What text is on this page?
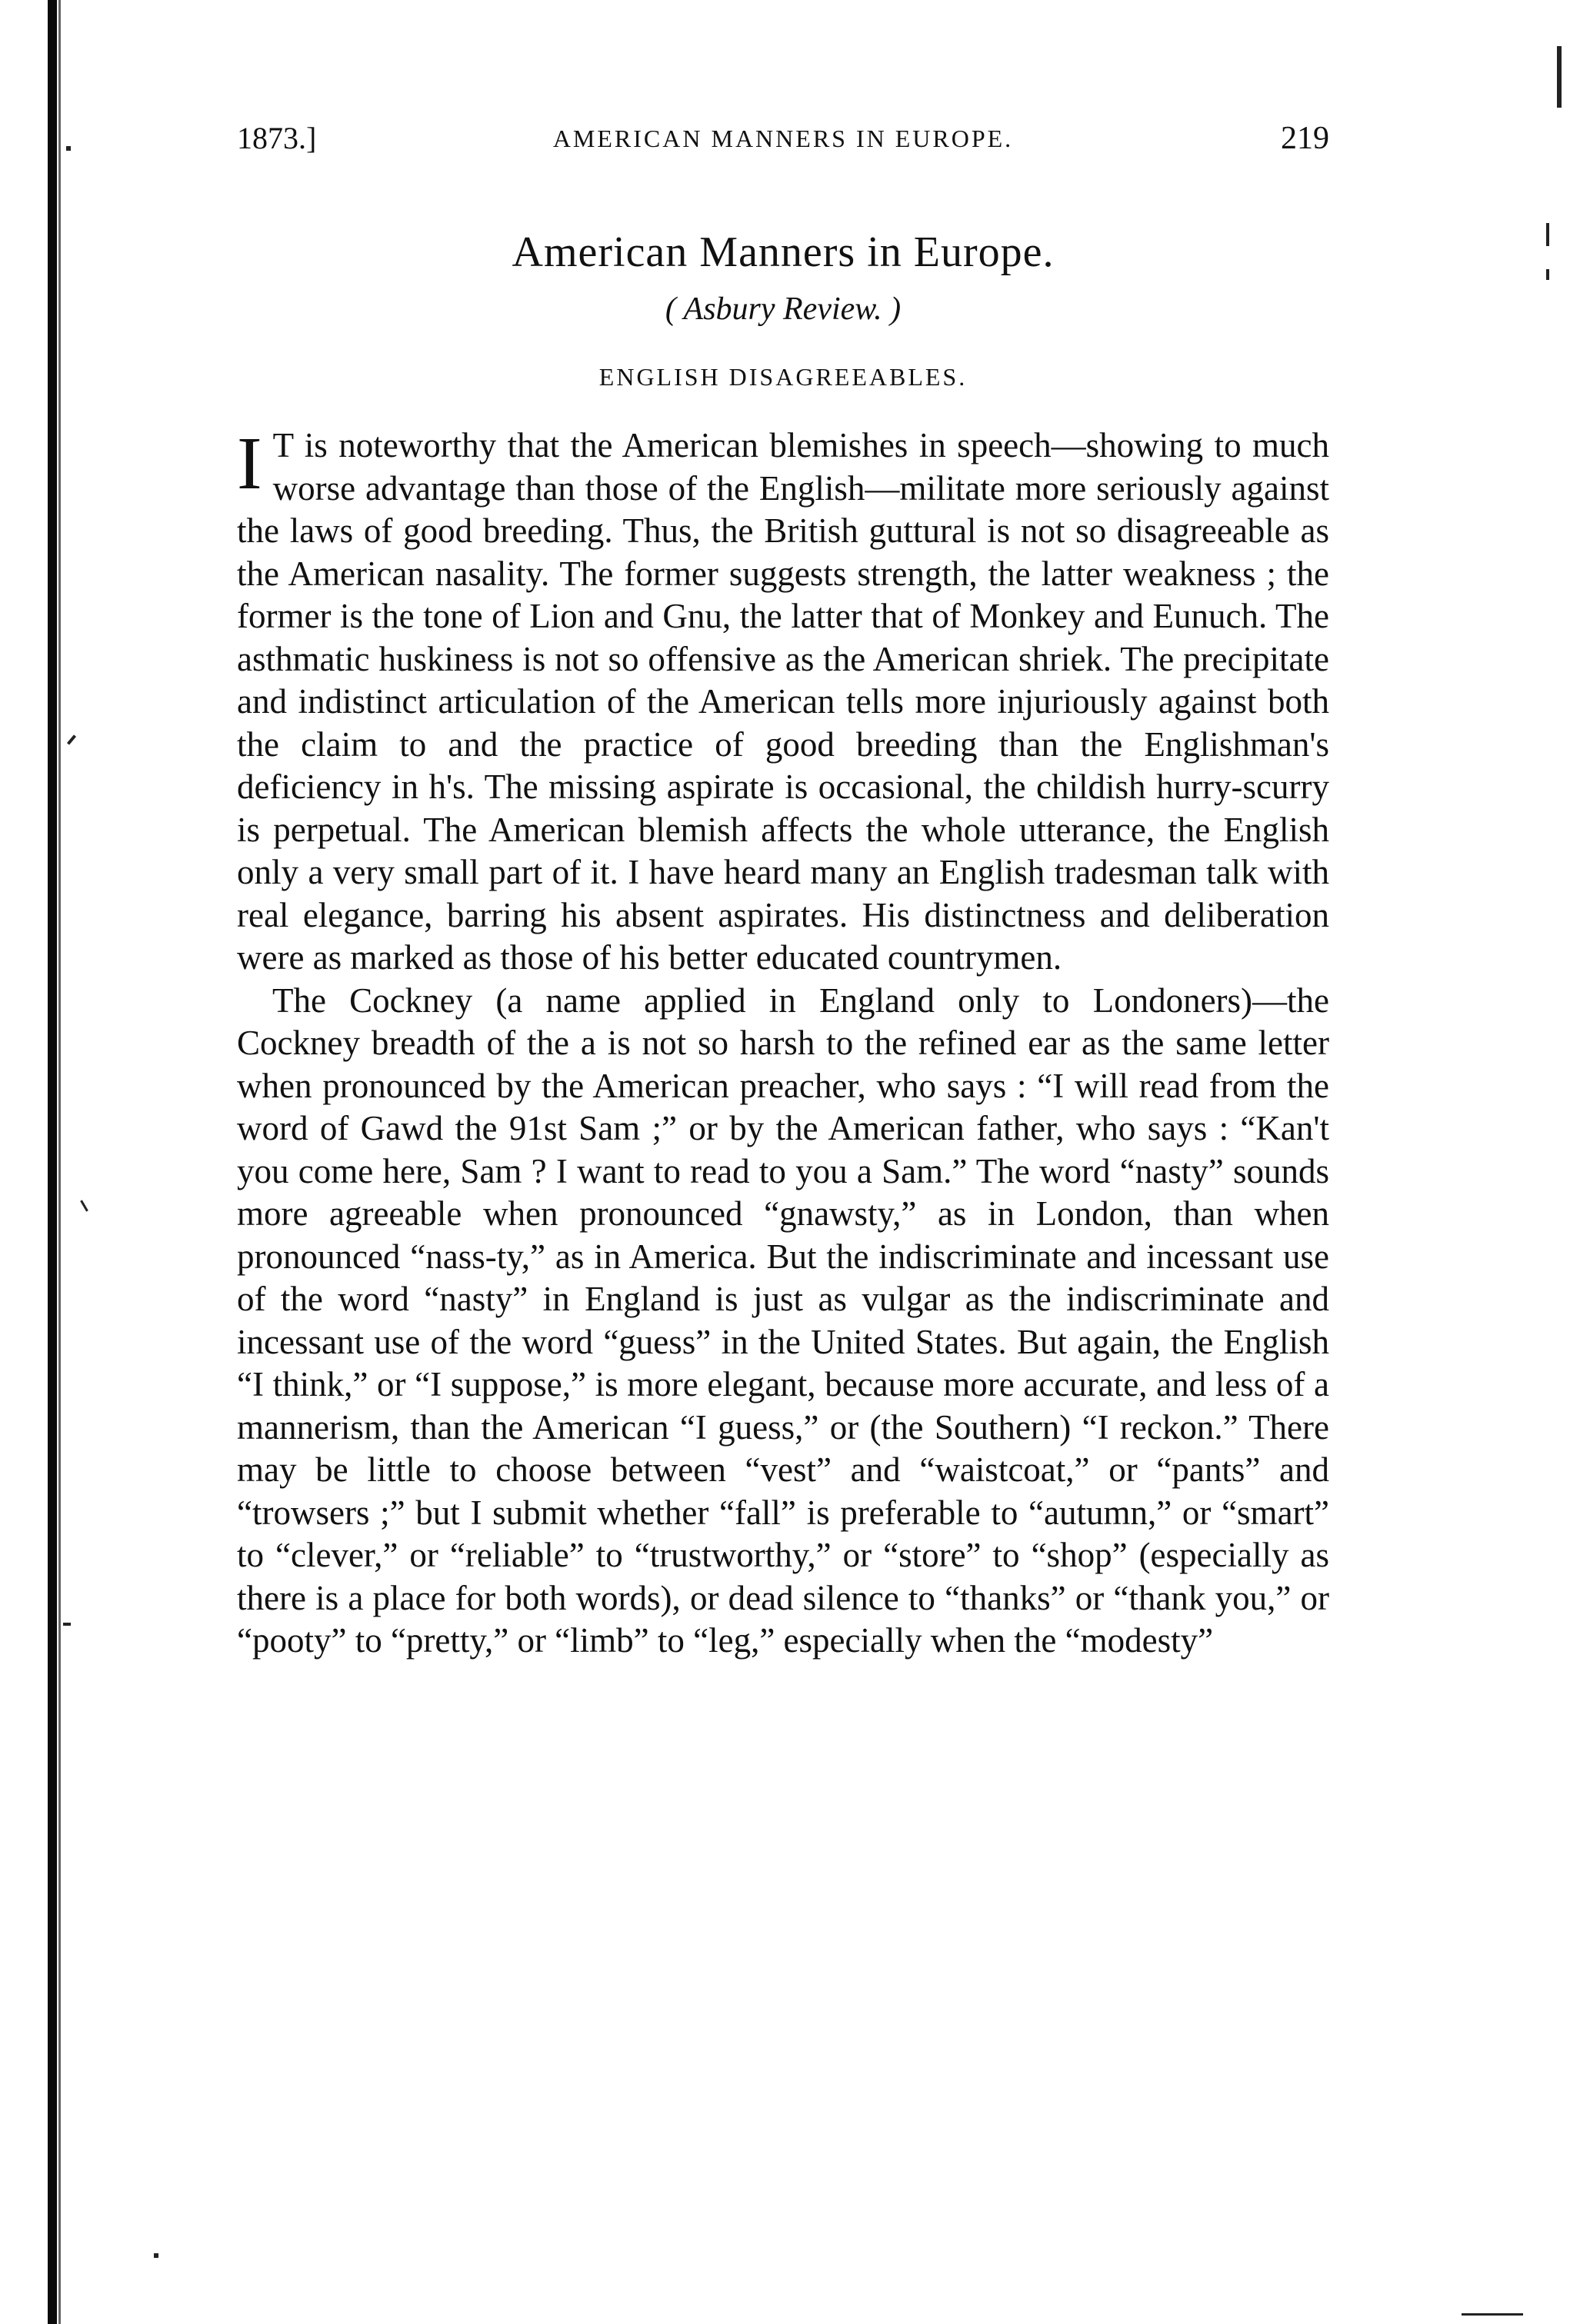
1873.]	AMERICAN MANNERS IN EUROPE.	219
American Manners in Europe.
( Asbury Review. )
ENGLISH DISAGREEABLES.

IT is noteworthy that the American blemishes in speech—showing to much worse advantage than those of the English—militate more seriously against the laws of good breeding. Thus, the British guttural is not so disagreeable as the American nasality. The former suggests strength, the latter weakness ; the former is the tone of Lion and Gnu, the latter that of Monkey and Eunuch. The asthmatic huskiness is not so offensive as the American shriek. The precipitate and indistinct articulation of the American tells more injuriously against both the claim to and the practice of good breeding than the Englishman's deficiency in h's. The missing aspirate is occasional, the childish hurry-scurry is perpetual. The American blemish affects the whole utterance, the English only a very small part of it. I have heard many an English tradesman talk with real elegance, barring his absent aspirates. His distinctness and deliberation were as marked as those of his better educated countrymen.

The Cockney (a name applied in England only to Londoners)—the Cockney breadth of the a is not so harsh to the refined ear as the same letter when pronounced by the American preacher, who says : “I will read from the word of Gawd the 91st Sam ;” or by the American father, who says : “Kan't you come here, Sam ? I want to read to you a Sam.” The word “nasty” sounds more agreeable when pronounced “gnawsty,” as in London, than when pronounced “nass-ty,” as in America. But the indiscriminate and incessant use of the word “nasty” in England is just as vulgar as the indiscriminate and incessant use of the word “guess” in the United States. But again, the English “I think,” or “I suppose,” is more elegant, because more accurate, and less of a mannerism, than the American “I guess,” or (the Southern) “I reckon.” There may be little to choose between “vest” and “waistcoat,” or “pants” and “trowsers ;” but I submit whether “fall” is preferable to “autumn,” or “smart” to “clever,” or “reliable” to “trustworthy,” or “store” to “shop” (especially as there is a place for both words), or dead silence to “thanks” or “thank you,” or “pooty” to “pretty,” or “limb” to “leg,” especially when the “modesty”
